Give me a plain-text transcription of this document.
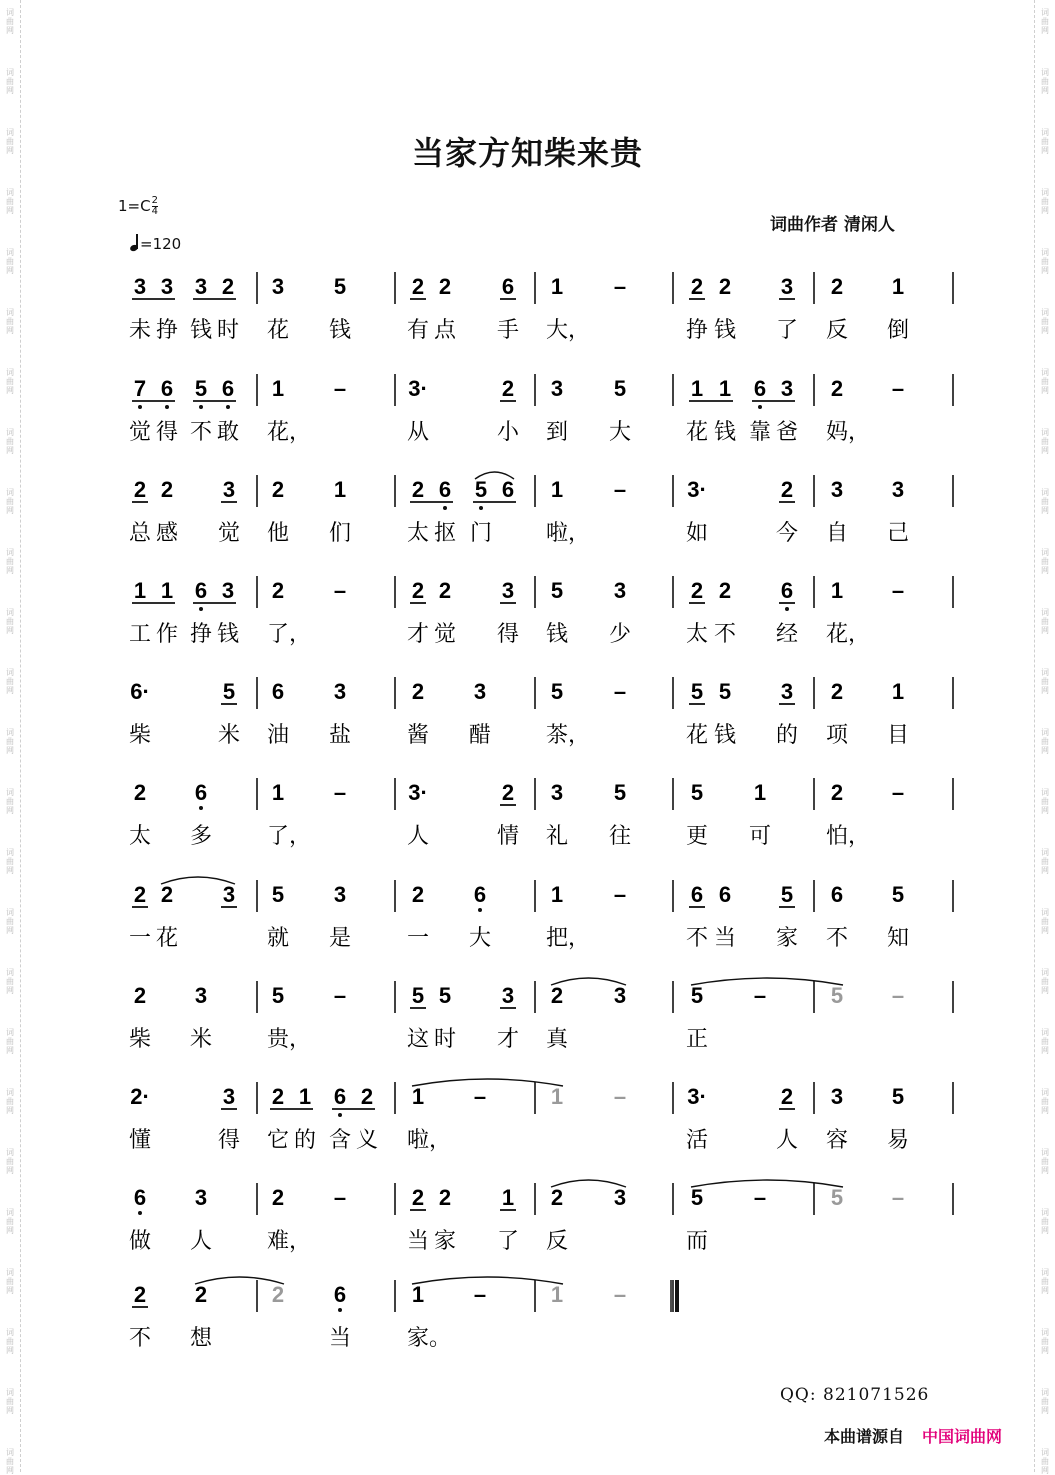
词
曲
网
词
曲
网
词
曲
网
词
曲
网
词
曲
网
词
曲
网
词
曲
网
词
曲
网
词
曲
网
词
曲
网
词
曲
网
词
曲
网
词
曲
网
词
曲
网
词
曲
网
词
曲
网
词
曲
网
词
曲
网
词
曲
网
词
曲
网
词
曲
网
词
曲
网
词
曲
网
词
曲
网
词
曲
网
词
曲
网
词
曲
网
词
曲
网
词
曲
网
词
曲
网
词
曲
网
词
曲
网
词
曲
网
词
曲
网
词
曲
网
词
曲
网
词
曲
网
词
曲
网
词
曲
网
词
曲
网
词
曲
网
词
曲
网
词
曲
网
词
曲
网
词
曲
网
词
曲
网
词
曲
网
词
曲
网
词
曲
网
词
曲
网
当家方知柴来贵
$1=C \frac{2}{4}$
=120
词曲作者 清闲人
3 3 3 2 3 5	2 2 6 1 –	2 2 3 2 1
未 挣 钱 时 花 钱	有 点 手 大，	挣 钱 了 反 倒
7 6 5 6 1 –	3·	2 3 5	1 1 6 3 2 –
觉 得 不 敢 花，	从	小 到 大 花 钱 靠 爸 妈，
2 2 3 2 1	2 6 5 6 1 –	3·	2 3 3
总 感 觉 他 们	太 抠 门 啦，	如	今 自 己
1 1 6 3 2 –	2 2 3 5 3	2 2 6 1 –
工 作 挣 钱 了，	才 觉 得 钱 少 太 不 经 花，
6·	5 6 3	2 3	5 –	5 5 3 2 1
柴	米 油 盐	酱 醋 茶，	花 钱 的 项 目
2 6	1 –	3·	2 3 5	5 1	2 –
太 多 了，	人	情 礼 往 更 可 怕，
2 2 3 5 3	2 6	1 –	6 6 5 6 5
一 花	就 是	一 大 把，	不 当 家 不 知
2 3	5 –	5 5 3 2 3	5 –	5 –
柴 米 贵，	这 时 才 真	正
2·	3 2 1 6 2 1 –	1 –	3·	2 3 5
懂	得 它 的 含 义 啦，	活	人 容 易
6 3	2 –	2 2 1 2 3	5 –	5 –
做 人 难，	当 家 了 反	而
2 2	2 6	1 –	1 –
不 想	当	家。
QQ: 821071526
本曲谱源自 中国词曲网
